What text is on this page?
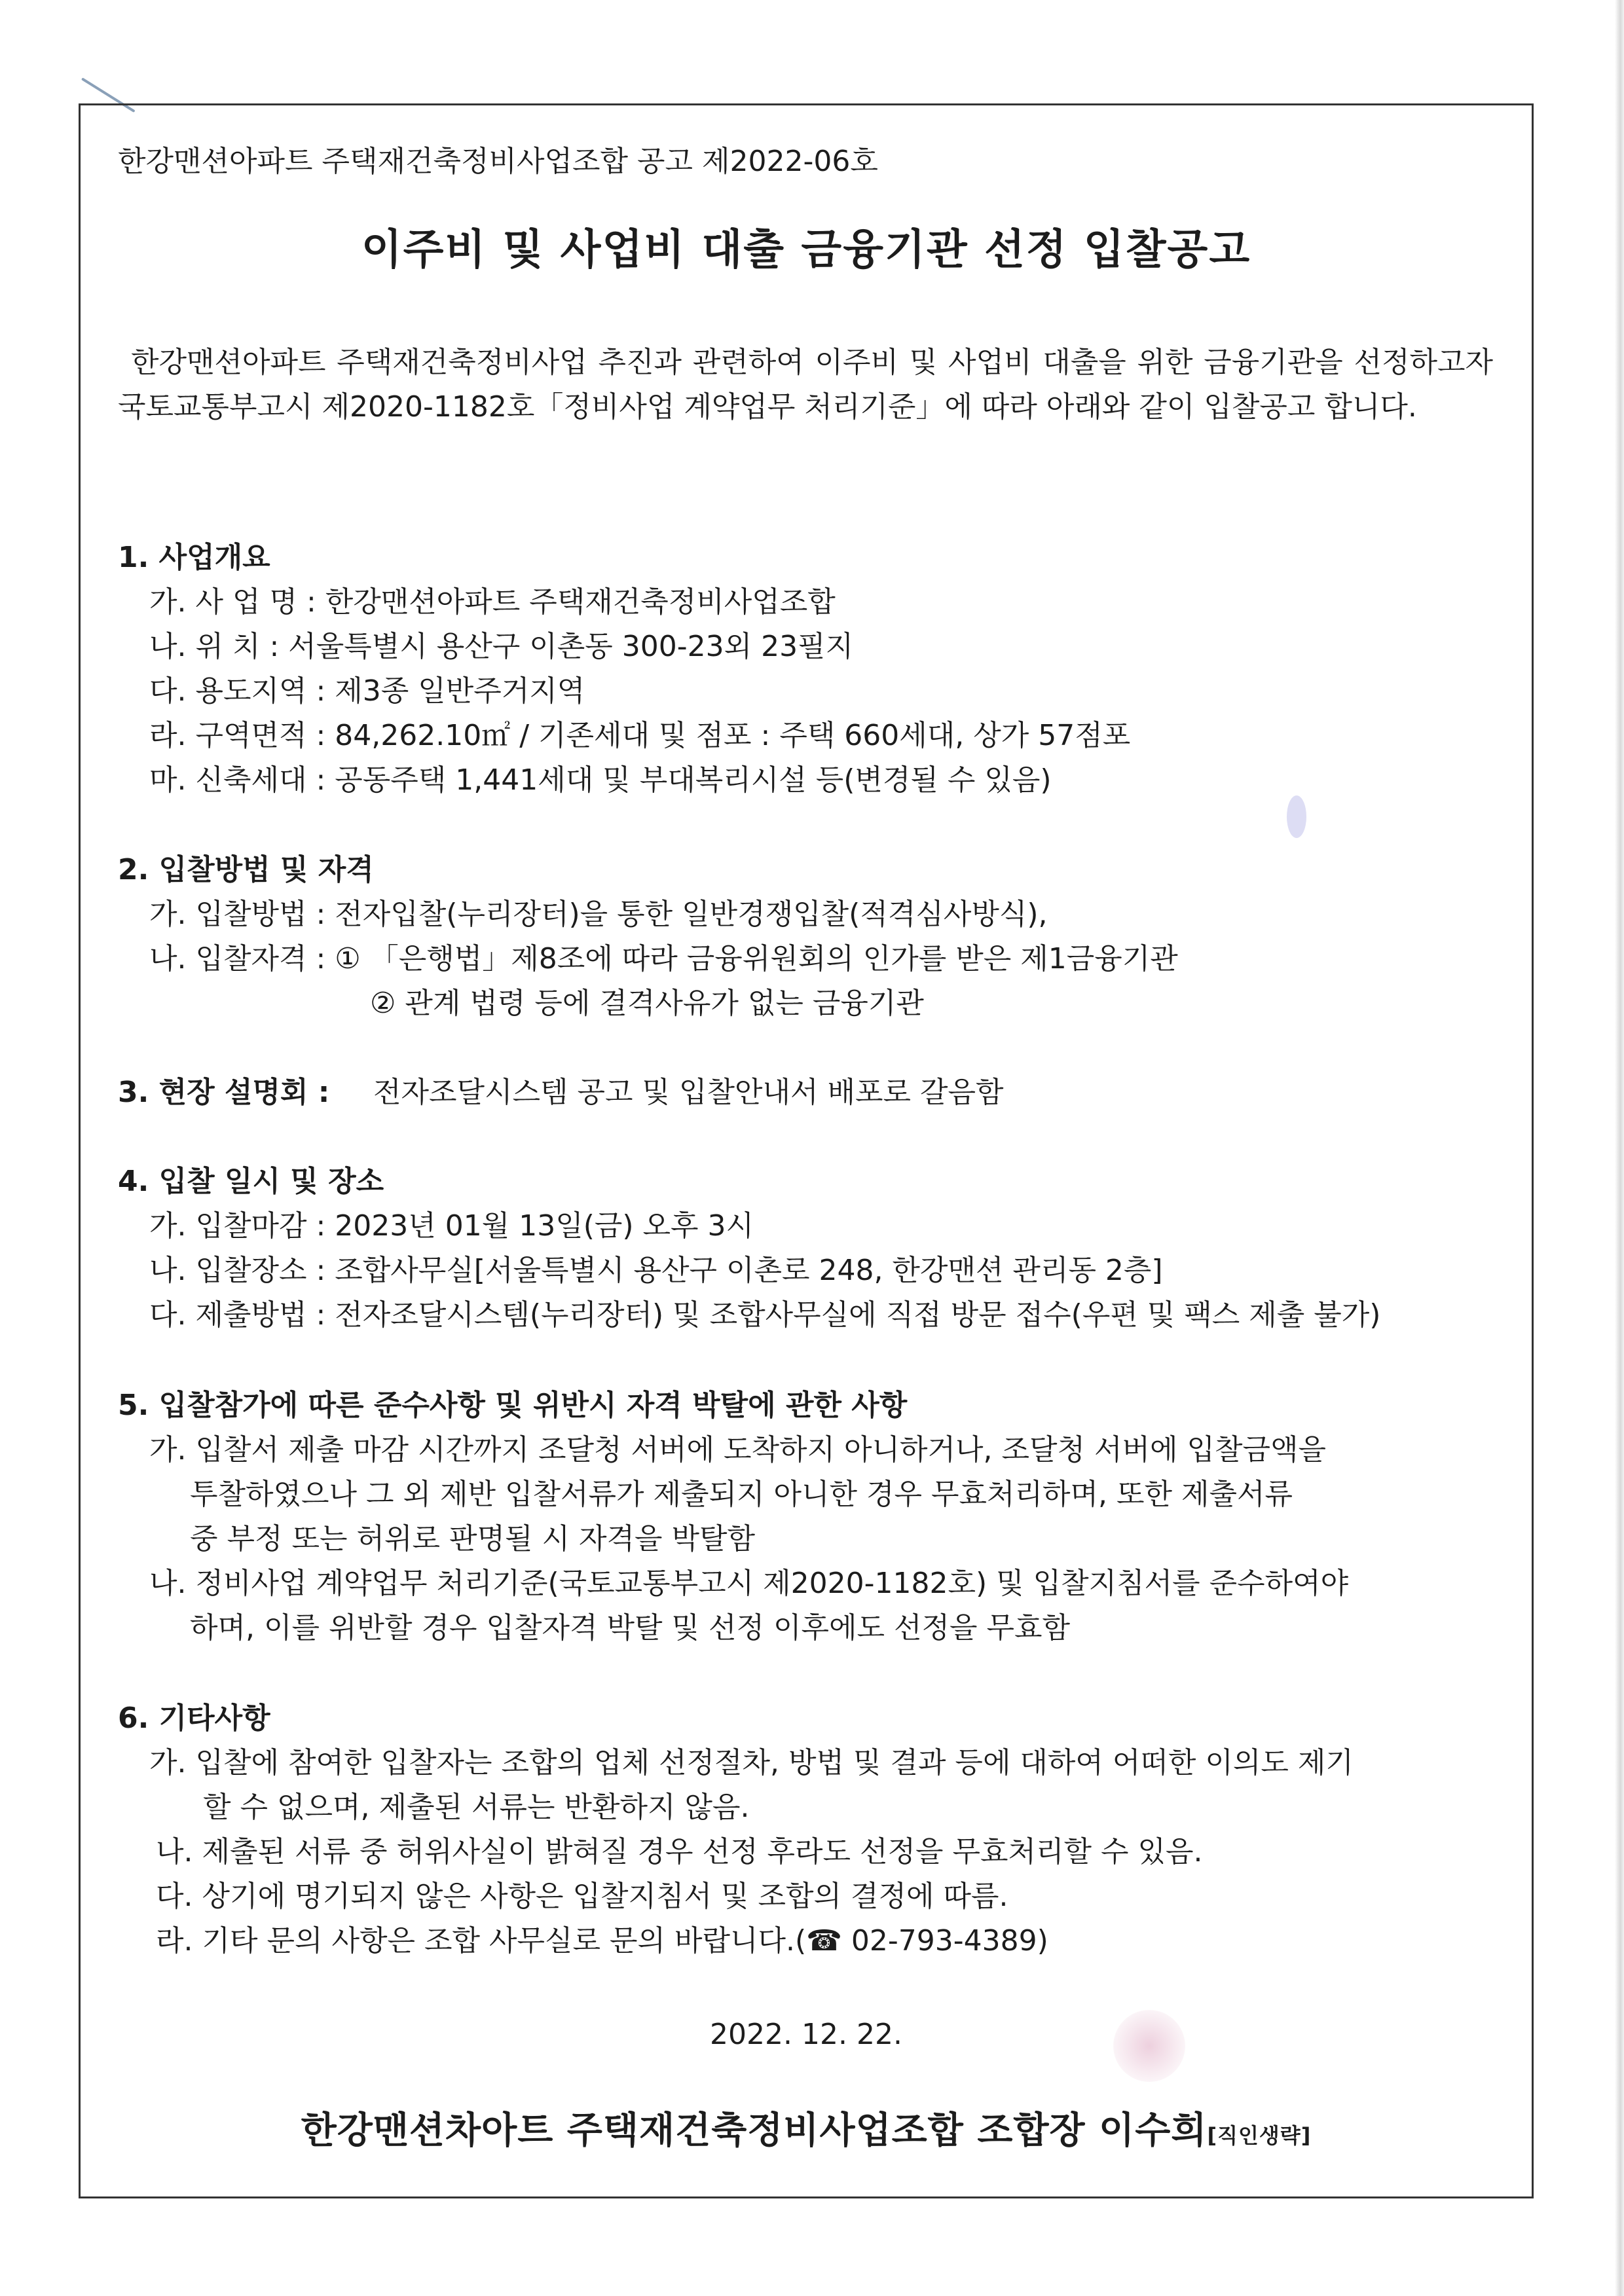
한강맨션아파트 주택재건축정비사업조합 공고 제2022-06호
이주비 및 사업비 대출 금융기관 선정 입찰공고
한강맨션아파트 주택재건축정비사업 추진과 관련하여 이주비 및 사업비 대출을 위한 금융기관을 선정하고자 국토교통부고시 제2020-1182호「정비사업 계약업무 처리기준」에 따라 아래와 같이 입찰공고 합니다.
1. 사업개요
가. 사 업 명 : 한강맨션아파트 주택재건축정비사업조합
나. 위 치 : 서울특별시 용산구 이촌동 300-23외 23필지
다. 용도지역 : 제3종 일반주거지역
라. 구역면적 : 84,262.10㎡ / 기존세대 및 점포 : 주택 660세대, 상가 57점포
마. 신축세대 : 공동주택 1,441세대 및 부대복리시설 등(변경될 수 있음)
2. 입찰방법 및 자격
가. 입찰방법 : 전자입찰(누리장터)을 통한 일반경쟁입찰(적격심사방식),
나. 입찰자격 : ① 「은행법」제8조에 따라 금융위원회의 인가를 받은 제1금융기관
② 관계 법령 등에 결격사유가 없는 금융기관
3. 현장 설명회 : 전자조달시스템 공고 및 입찰안내서 배포로 갈음함
4. 입찰 일시 및 장소
가. 입찰마감 : 2023년 01월 13일(금) 오후 3시
나. 입찰장소 : 조합사무실[서울특별시 용산구 이촌로 248, 한강맨션 관리동 2층]
다. 제출방법 : 전자조달시스템(누리장터) 및 조합사무실에 직접 방문 접수(우편 및 팩스 제출 불가)
5. 입찰참가에 따른 준수사항 및 위반시 자격 박탈에 관한 사항
가. 입찰서 제출 마감 시간까지 조달청 서버에 도착하지 아니하거나, 조달청 서버에 입찰금액을
투찰하였으나 그 외 제반 입찰서류가 제출되지 아니한 경우 무효처리하며, 또한 제출서류
중 부정 또는 허위로 판명될 시 자격을 박탈함
나. 정비사업 계약업무 처리기준(국토교통부고시 제2020-1182호) 및 입찰지침서를 준수하여야
하며, 이를 위반할 경우 입찰자격 박탈 및 선정 이후에도 선정을 무효함
6. 기타사항
가. 입찰에 참여한 입찰자는 조합의 업체 선정절차, 방법 및 결과 등에 대하여 어떠한 이의도 제기
할 수 없으며, 제출된 서류는 반환하지 않음.
나. 제출된 서류 중 허위사실이 밝혀질 경우 선정 후라도 선정을 무효처리할 수 있음.
다. 상기에 명기되지 않은 사항은 입찰지침서 및 조합의 결정에 따름.
라. 기타 문의 사항은 조합 사무실로 문의 바랍니다.(☎ 02-793-4389)
2022. 12. 22.
한강맨션차아트 주택재건축정비사업조합 조합장 이수희[직인생략]
